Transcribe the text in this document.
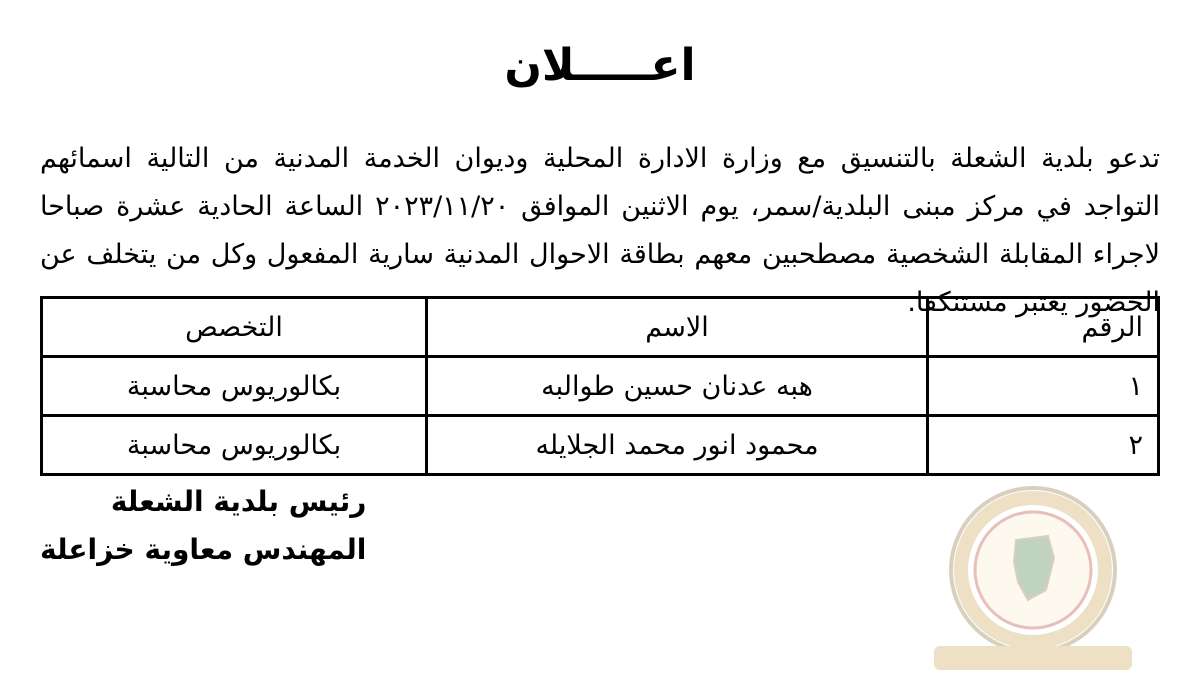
اعـــــلان

تدعو بلدية الشعلة بالتنسيق مع وزارة الادارة المحلية وديوان الخدمة المدنية من التالية اسمائهم التواجد في مركز مبنى البلدية/سمر، يوم الاثنين الموافق ٢٠٢٣/١١/٢٠ الساعة الحادية عشرة صباحا لاجراء المقابلة الشخصية مصطحبين معهم بطاقة الاحوال المدنية سارية المفعول وكل من يتخلف عن الحضور يعتبر مستنكفا.

الرقم	الاسم	التخصص
١	هبه عدنان حسين طوالبه	بكالوريوس محاسبة
٢	محمود انور محمد الجلايله	بكالوريوس محاسبة
رئيس بلدية الشعلة
المهندس معاوية خزاعلة
